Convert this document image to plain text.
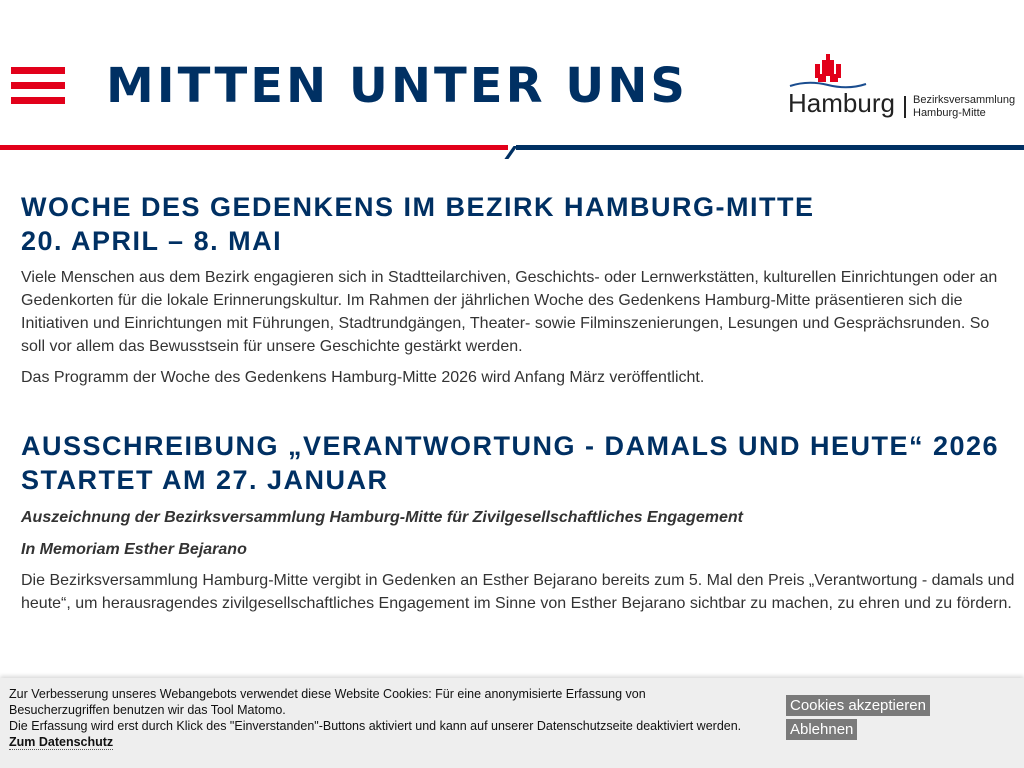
MITTEN UNTER UNS	Hamburg Bezirksversammlung
Hamburg-Mitte
WOCHE DES GEDENKENS IM BEZIRK HAMBURG-MITTE
20. APRIL – 8. MAI

Viele Menschen aus dem Bezirk engagieren sich in Stadtteilarchiven, Geschichts- oder Lernwerkstätten, kulturellen Einrichtungen oder an Gedenkorten für die lokale Erinnerungskultur. Im Rahmen der jährlichen Woche des Gedenkens Hamburg-Mitte präsentieren sich die Initiativen und Einrichtungen mit Führungen, Stadtrundgängen, Theater- sowie Filminszenierungen, Lesungen und Gesprächsrunden. So soll vor allem das Bewusstsein für unsere Geschichte gestärkt werden.

Das Programm der Woche des Gedenkens Hamburg-Mitte 2026 wird Anfang März veröffentlicht.

AUSSCHREIBUNG „VERANTWORTUNG - DAMALS UND HEUTE“ 2026
STARTET AM 27. JANUAR

Auszeichnung der Bezirksversammlung Hamburg-Mitte für Zivilgesellschaftliches Engagement

In Memoriam Esther Bejarano

Die Bezirksversammlung Hamburg-Mitte vergibt in Gedenken an Esther Bejarano bereits zum 5. Mal den Preis „Verantwortung - damals und heute“, um herausragendes zivilgesellschaftliches Engagement im Sinne von Esther Bejarano sichtbar zu machen, zu ehren und zu fördern.

Zur Verbesserung unseres Webangebots verwendet diese Website Cookies: Für eine anonymisierte Erfassung von Besucherzugriffen benutzen wir das Tool Matomo.
Die Erfassung wird erst durch Klick des "Einverstanden"-Buttons aktiviert und kann auf unserer Datenschutzseite deaktiviert werden. Zum Datenschutz
Cookies akzeptieren
Ablehnen
